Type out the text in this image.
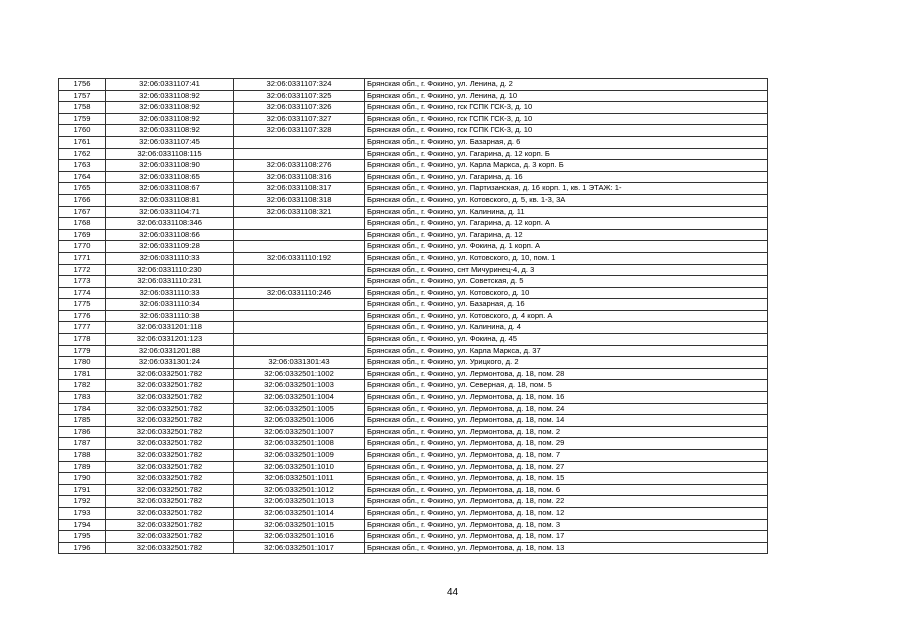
1756	32:06:0331107:41	32:06:0331107:324	Брянская обл., г. Фокино, ул. Ленина, д. 2
1757	32:06:0331108:92	32:06:0331107:325	Брянская обл., г. Фокино, ул. Ленина, д. 10
1758	32:06:0331108:92	32:06:0331107:326	Брянская обл., г. Фокино, гск ГСПК ГСК-3, д. 10
1759	32:06:0331108:92	32:06:0331107:327	Брянская обл., г. Фокино, гск ГСПК ГСК-3, д. 10
1760	32:06:0331108:92	32:06:0331107:328	Брянская обл., г. Фокино, гск ГСПК ГСК-3, д. 10
1761	32:06:0331107:45		Брянская обл., г. Фокино, ул. Базарная, д. 6
1762	32:06:0331108:115		Брянская обл., г. Фокино, ул. Гагарина, д. 12 корп. Б
1763	32:06:0331108:90	32:06:0331108:276	Брянская обл., г. Фокино, ул. Карла Маркса, д. 3 корп. Б
1764	32:06:0331108:65	32:06:0331108:316	Брянская обл., г. Фокино, ул. Гагарина, д. 16
1765	32:06:0331108:67	32:06:0331108:317	Брянская обл., г. Фокино, ул. Партизанская, д. 16 корп. 1, кв. 1 ЭТАЖ: 1-
1766	32:06:0331108:81	32:06:0331108:318	Брянская обл., г. Фокино, ул. Котовского, д. 5, кв. 1-3, 3А
1767	32:06:0331104:71	32:06:0331108:321	Брянская обл., г. Фокино, ул. Калинина, д. 11
1768	32:06:0331108:346		Брянская обл., г. Фокино, ул. Гагарина, д. 12 корп. А
1769	32:06:0331108:66		Брянская обл., г. Фокино, ул. Гагарина, д. 12
1770	32:06:0331109:28		Брянская обл., г. Фокино, ул. Фокина, д. 1 корп. А
1771	32:06:0331110:33	32:06:0331110:192	Брянская обл., г. Фокино, ул. Котовского, д. 10, пом. 1
1772	32:06:0331110:230		Брянская обл., г. Фокино, снт Мичуринец-4, д. 3
1773	32:06:0331110:231		Брянская обл., г. Фокино, ул. Советская, д. 5
1774	32:06:0331110:33	32:06:0331110:246	Брянская обл., г. Фокино, ул. Котовского, д. 10
1775	32:06:0331110:34		Брянская обл., г. Фокино, ул. Базарная, д. 16
1776	32:06:0331110:38		Брянская обл., г. Фокино, ул. Котовского, д. 4 корп. А
1777	32:06:0331201:118		Брянская обл., г. Фокино, ул. Калинина, д. 4
1778	32:06:0331201:123		Брянская обл., г. Фокино, ул. Фокина, д. 45
1779	32:06:0331201:88		Брянская обл., г. Фокино, ул. Карла Маркса, д. 37
1780	32:06:0331301:24	32:06:0331301:43	Брянская обл., г. Фокино, ул. Урицкого, д. 2
1781	32:06:0332501:782	32:06:0332501:1002	Брянская обл., г. Фокино, ул. Лермонтова, д. 18, пом. 28
1782	32:06:0332501:782	32:06:0332501:1003	Брянская обл., г. Фокино, ул. Северная, д. 18, пом. 5
1783	32:06:0332501:782	32:06:0332501:1004	Брянская обл., г. Фокино, ул. Лермонтова, д. 18, пом. 16
1784	32:06:0332501:782	32:06:0332501:1005	Брянская обл., г. Фокино, ул. Лермонтова, д. 18, пом. 24
1785	32:06:0332501:782	32:06:0332501:1006	Брянская обл., г. Фокино, ул. Лермонтова, д. 18, пом. 14
1786	32:06:0332501:782	32:06:0332501:1007	Брянская обл., г. Фокино, ул. Лермонтова, д. 18, пом. 2
1787	32:06:0332501:782	32:06:0332501:1008	Брянская обл., г. Фокино, ул. Лермонтова, д. 18, пом. 29
1788	32:06:0332501:782	32:06:0332501:1009	Брянская обл., г. Фокино, ул. Лермонтова, д. 18, пом. 7
1789	32:06:0332501:782	32:06:0332501:1010	Брянская обл., г. Фокино, ул. Лермонтова, д. 18, пом. 27
1790	32:06:0332501:782	32:06:0332501:1011	Брянская обл., г. Фокино, ул. Лермонтова, д. 18, пом. 15
1791	32:06:0332501:782	32:06:0332501:1012	Брянская обл., г. Фокино, ул. Лермонтова, д. 18, пом. 6
1792	32:06:0332501:782	32:06:0332501:1013	Брянская обл., г. Фокино, ул. Лермонтова, д. 18, пом. 22
1793	32:06:0332501:782	32:06:0332501:1014	Брянская обл., г. Фокино, ул. Лермонтова, д. 18, пом. 12
1794	32:06:0332501:782	32:06:0332501:1015	Брянская обл., г. Фокино, ул. Лермонтова, д. 18, пом. 3
1795	32:06:0332501:782	32:06:0332501:1016	Брянская обл., г. Фокино, ул. Лермонтова, д. 18, пом. 17
1796	32:06:0332501:782	32:06:0332501:1017	Брянская обл., г. Фокино, ул. Лермонтова, д. 18, пом. 13
44
